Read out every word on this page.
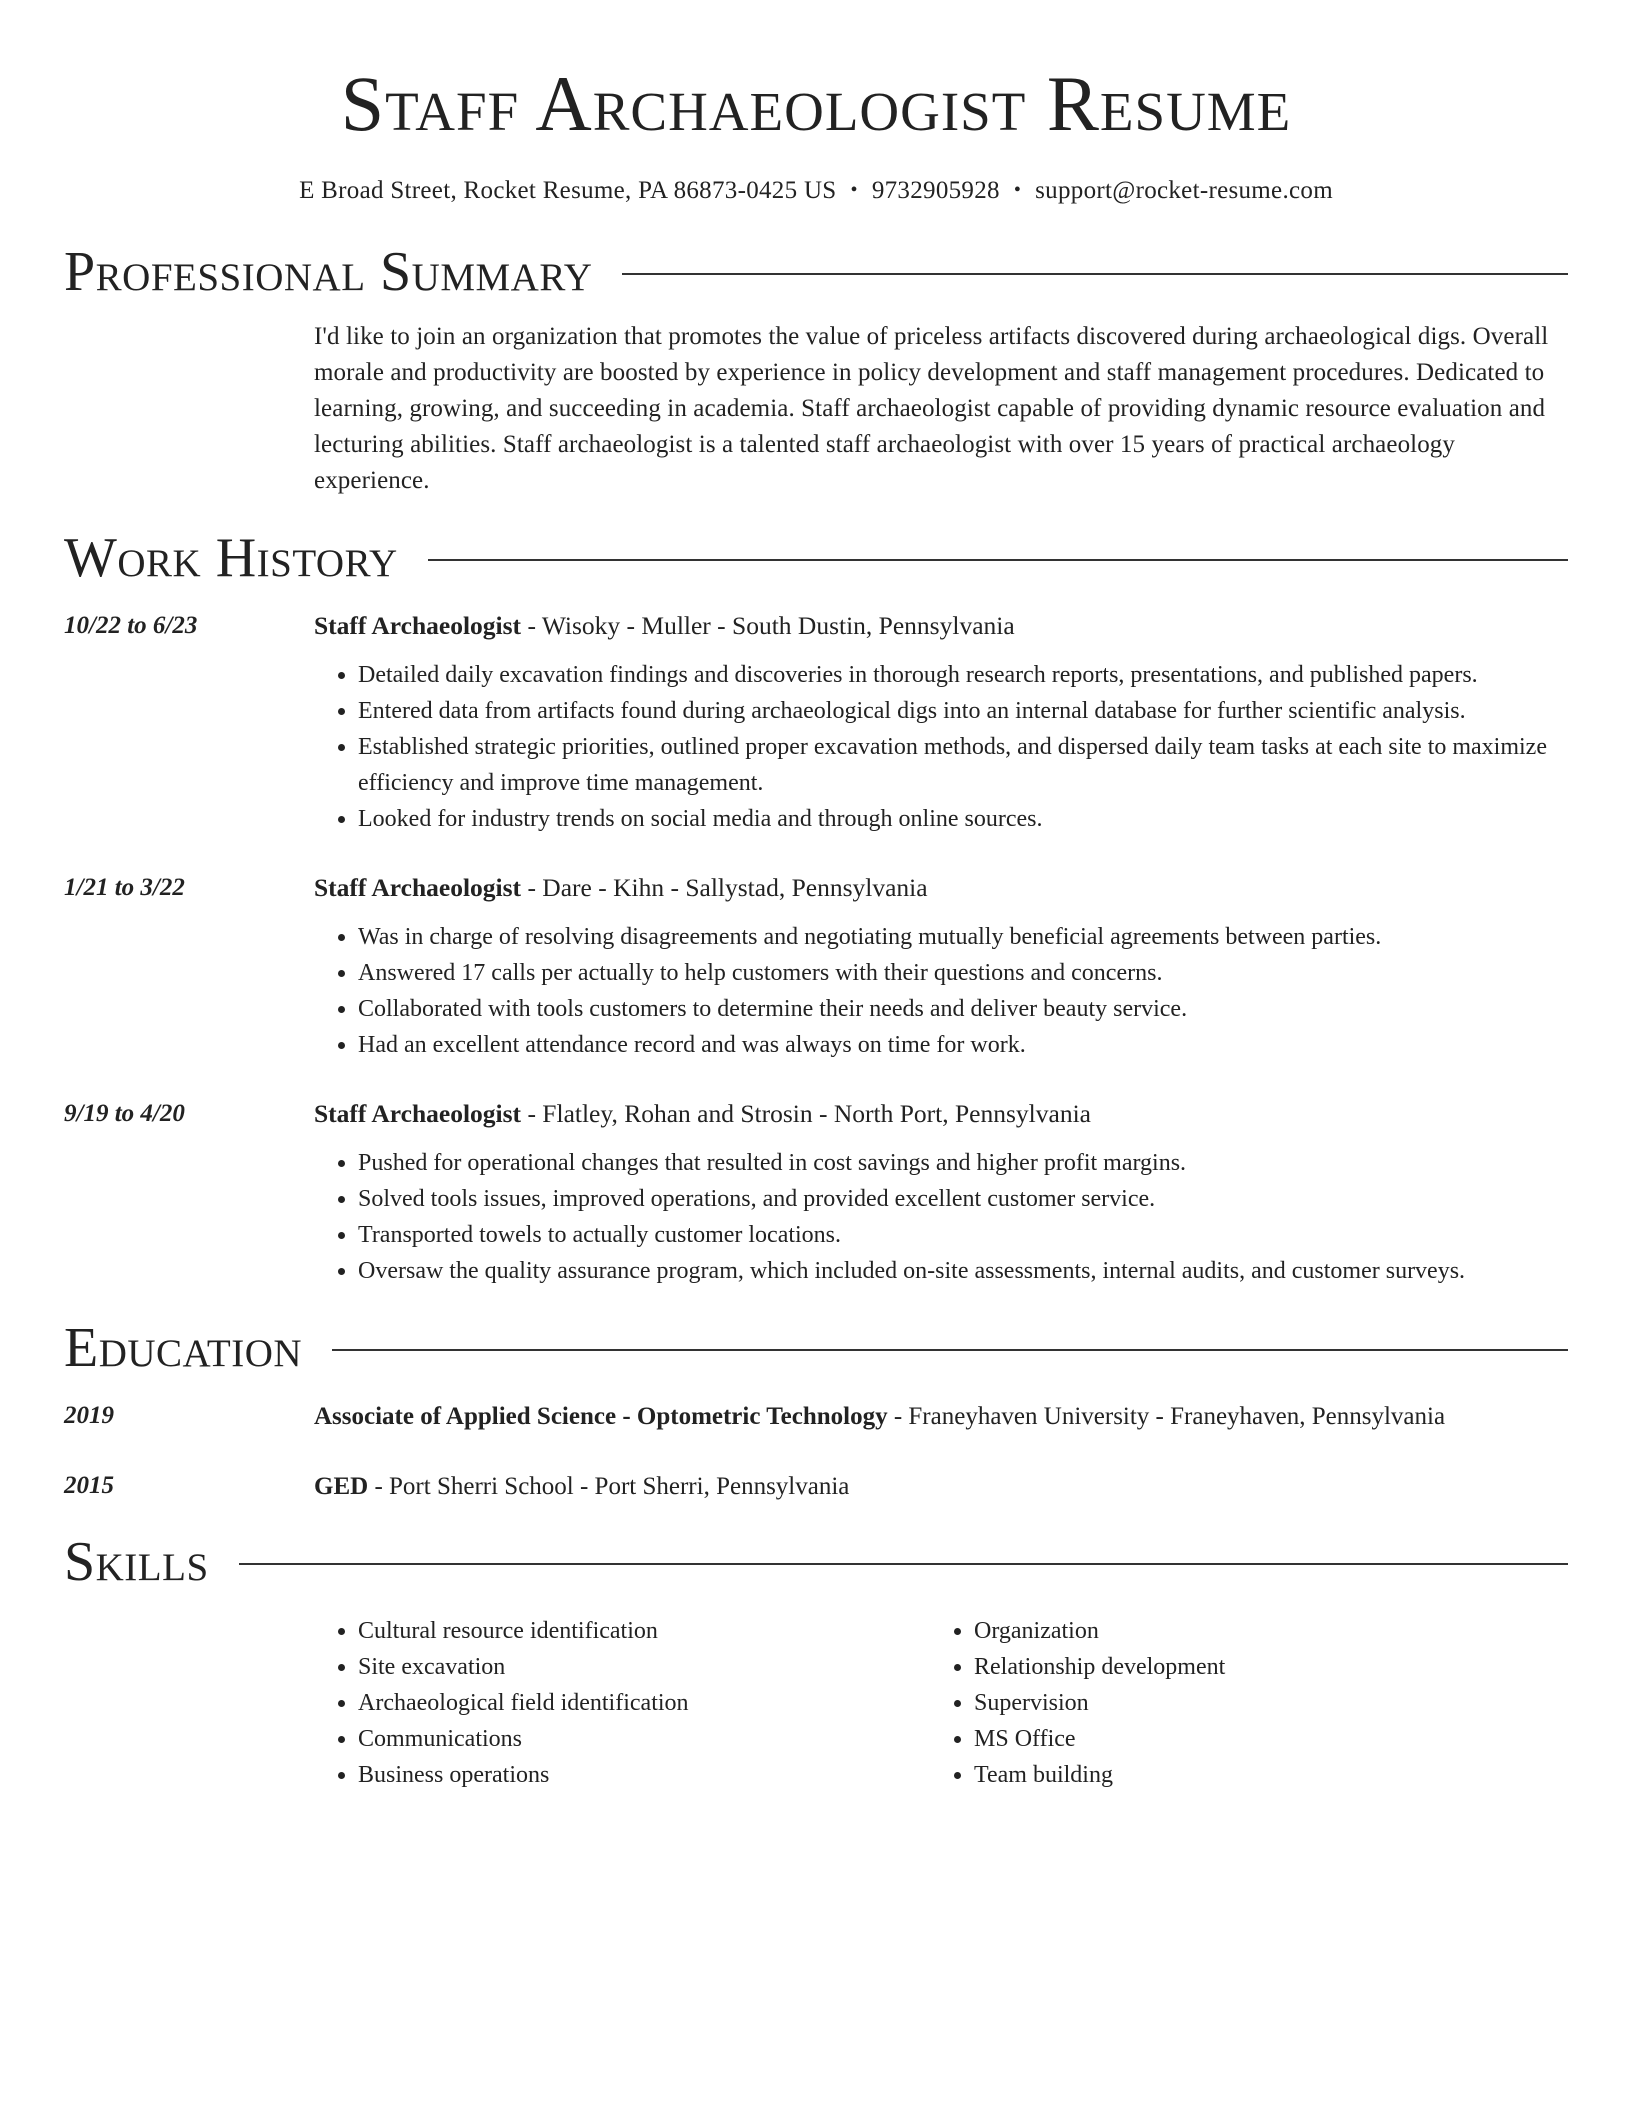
Staff Archaeologist Resume
E Broad Street, Rocket Resume, PA 86873-0425 US • 9732905928 • support@rocket-resume.com
Professional Summary
I'd like to join an organization that promotes the value of priceless artifacts discovered during archaeological digs. Overall morale and productivity are boosted by experience in policy development and staff management procedures. Dedicated to learning, growing, and succeeding in academia. Staff archaeologist capable of providing dynamic resource evaluation and lecturing abilities. Staff archaeologist is a talented staff archaeologist with over 15 years of practical archaeology experience.
Work History
10/22 to 6/23	Staff Archaeologist - Wisoky - Muller - South Dustin, Pennsylvania
• Detailed daily excavation findings and discoveries in thorough research reports, presentations, and published papers.
• Entered data from artifacts found during archaeological digs into an internal database for further scientific analysis.
• Established strategic priorities, outlined proper excavation methods, and dispersed daily team tasks at each site to maximize efficiency and improve time management.
• Looked for industry trends on social media and through online sources.
1/21 to 3/22	Staff Archaeologist - Dare - Kihn - Sallystad, Pennsylvania
• Was in charge of resolving disagreements and negotiating mutually beneficial agreements between parties.
• Answered 17 calls per actually to help customers with their questions and concerns.
• Collaborated with tools customers to determine their needs and deliver beauty service.
• Had an excellent attendance record and was always on time for work.
9/19 to 4/20	Staff Archaeologist - Flatley, Rohan and Strosin - North Port, Pennsylvania
• Pushed for operational changes that resulted in cost savings and higher profit margins.
• Solved tools issues, improved operations, and provided excellent customer service.
• Transported towels to actually customer locations.
• Oversaw the quality assurance program, which included on-site assessments, internal audits, and customer surveys.
Education
2019	Associate of Applied Science - Optometric Technology - Franeyhaven University - Franeyhaven, Pennsylvania
2015	GED - Port Sherri School - Port Sherri, Pennsylvania
Skills
• Cultural resource identification
• Site excavation
• Archaeological field identification
• Communications
• Business operations
• Organization
• Relationship development
• Supervision
• MS Office
• Team building
